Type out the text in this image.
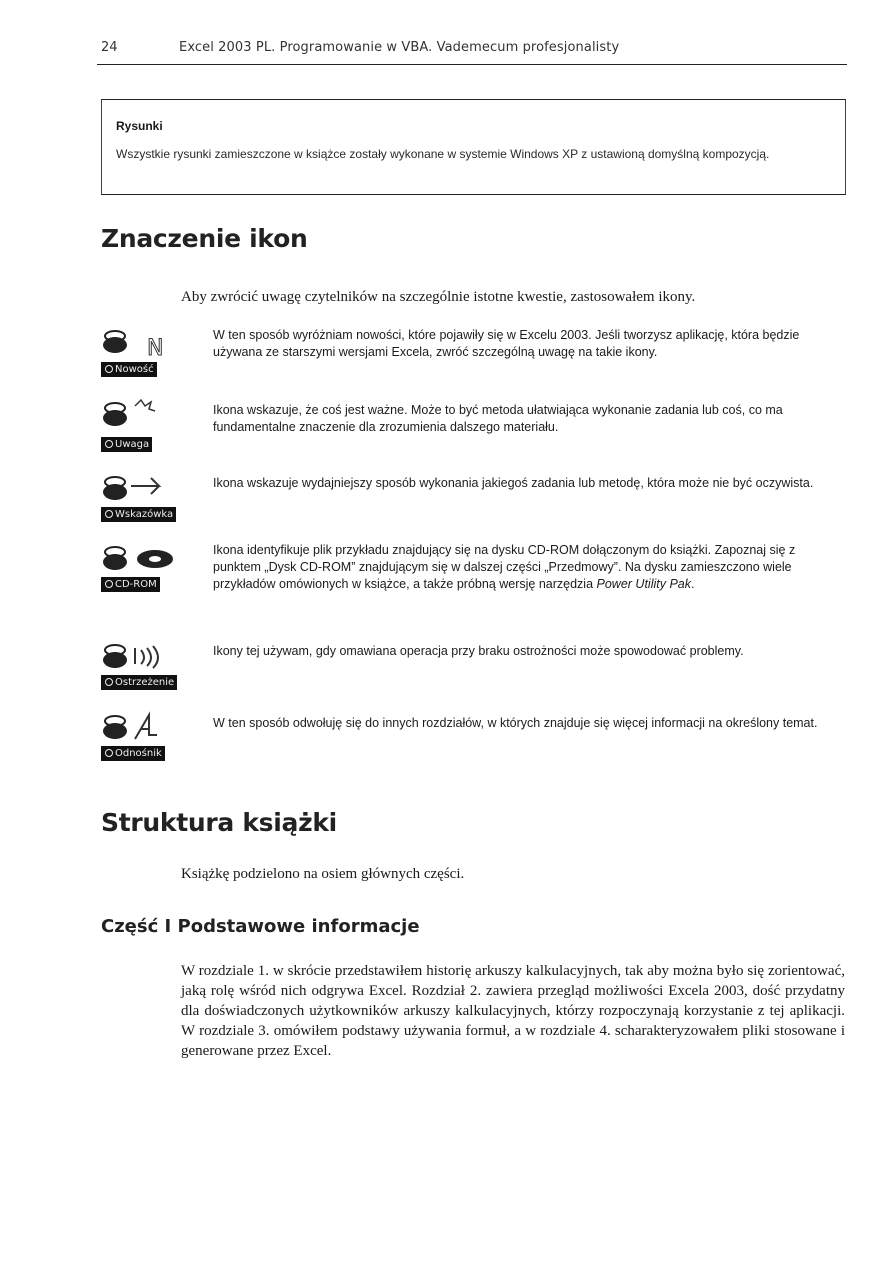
24	Excel 2003 PL. Programowanie w VBA. Vademecum profesjonalisty
Rysunki
Wszystkie rysunki zamieszczone w książce zostały wykonane w systemie Windows XP z ustawioną domyślną kompozycją.
Znaczenie ikon
Aby zwrócić uwagę czytelników na szczególnie istotne kwestie, zastosowałem ikony.
N
Nowość
W ten sposób wyróżniam nowości, które pojawiły się w Excelu 2003. Jeśli tworzysz aplikację, która będzie używana ze starszymi wersjami Excela, zwróć szczególną uwagę na takie ikony.
Uwaga
Ikona wskazuje, że coś jest ważne. Może to być metoda ułatwiająca wykonanie zadania lub coś, co ma fundamentalne znaczenie dla zrozumienia dalszego materiału.
Wskazówka
Ikona wskazuje wydajniejszy sposób wykonania jakiegoś zadania lub metodę, która może nie być oczywista.
CD-ROM
Ikona identyfikuje plik przykładu znajdujący się na dysku CD-ROM dołączonym do książki. Zapoznaj się z punktem „Dysk CD-ROM” znajdującym się w dalszej części „Przedmowy”. Na dysku zamieszczono wiele przykładów omówionych w książce, a także próbną wersję narzędzia Power Utility Pak.
Ostrzeżenie
Ikony tej używam, gdy omawiana operacja przy braku ostrożności może spowodować problemy.
Odnośnik
W ten sposób odwołuję się do innych rozdziałów, w których znajduje się więcej informacji na określony temat.
Struktura książki
Książkę podzielono na osiem głównych części.
Część I Podstawowe informacje
W rozdziale 1. w skrócie przedstawiłem historię arkuszy kalkulacyjnych, tak aby można było się zorientować, jaką rolę wśród nich odgrywa Excel. Rozdział 2. zawiera przegląd możliwości Excela 2003, dość przydatny dla doświadczonych użytkowników arkuszy kalkulacyjnych, którzy rozpoczynają korzystanie z tej aplikacji. W rozdziale 3. omówiłem podstawy używania formuł, a w rozdziale 4. scharakteryzowałem pliki stosowane i generowane przez Excel.
